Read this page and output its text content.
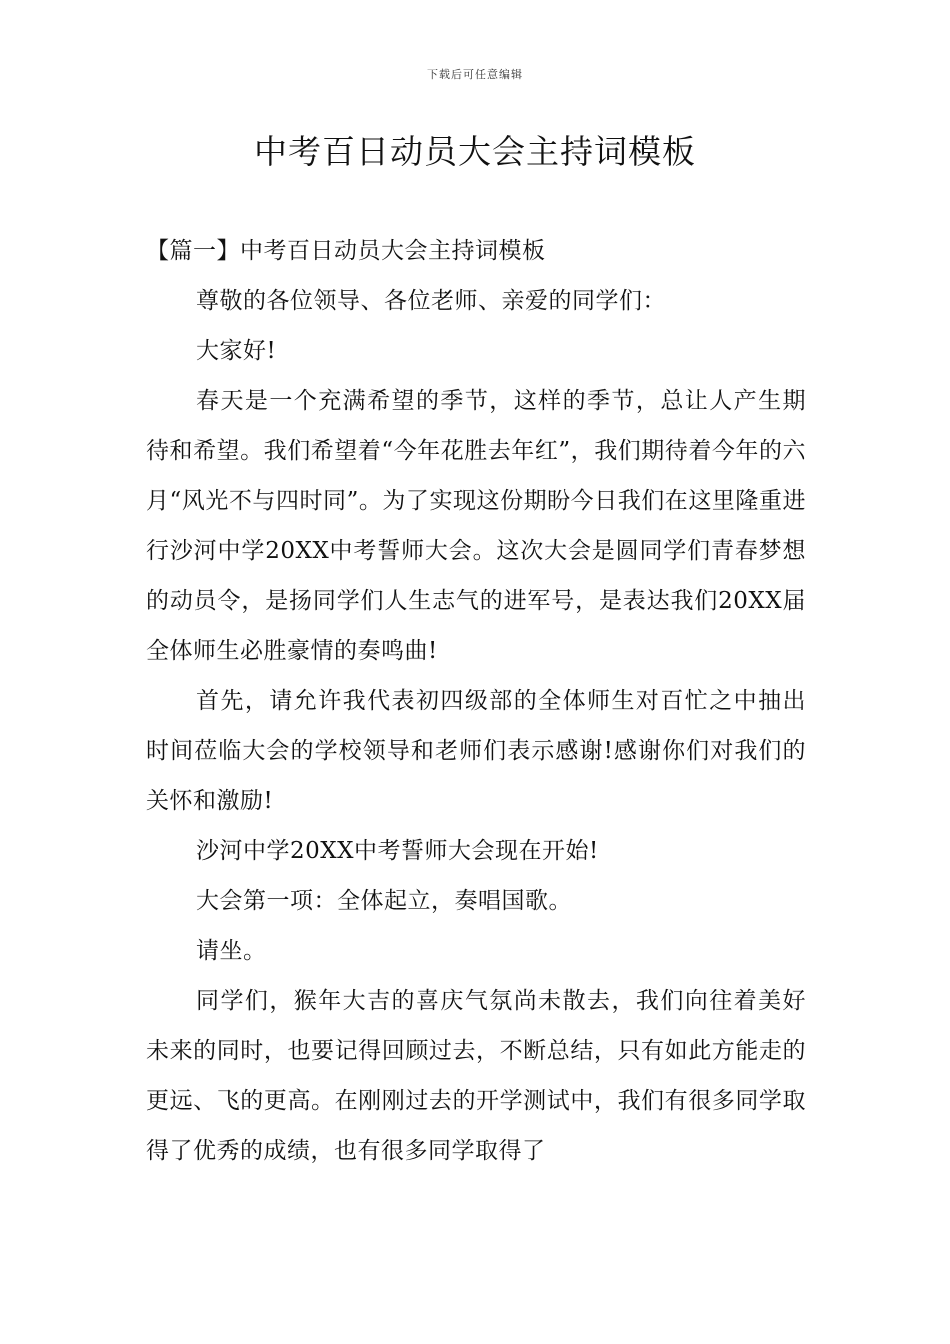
下载后可任意编辑
中考百日动员大会主持词模板

【篇一】中考百日动员大会主持词模板

尊敬的各位领导、各位老师、亲爱的同学们：

大家好!

春天是一个充满希望的季节，这样的季节，总让人产生期待和希望。我们希望着“今年花胜去年红”，我们期待着今年的六月“风光不与四时同”。为了实现这份期盼今日我们在这里隆重进行沙河中学20XX中考誓师大会。这次大会是圆同学们青春梦想的动员令，是扬同学们人生志气的进军号，是表达我们20XX届全体师生必胜豪情的奏鸣曲!

首先，请允许我代表初四级部的全体师生对百忙之中抽出时间莅临大会的学校领导和老师们表示感谢!感谢你们对我们的关怀和激励!

沙河中学20XX中考誓师大会现在开始!

大会第一项：全体起立，奏唱国歌。

请坐。

同学们，猴年大吉的喜庆气氛尚未散去，我们向往着美好未来的同时，也要记得回顾过去，不断总结，只有如此方能走的更远、飞的更高。在刚刚过去的开学测试中，我们有很多同学取得了优秀的成绩，也有很多同学取得了
